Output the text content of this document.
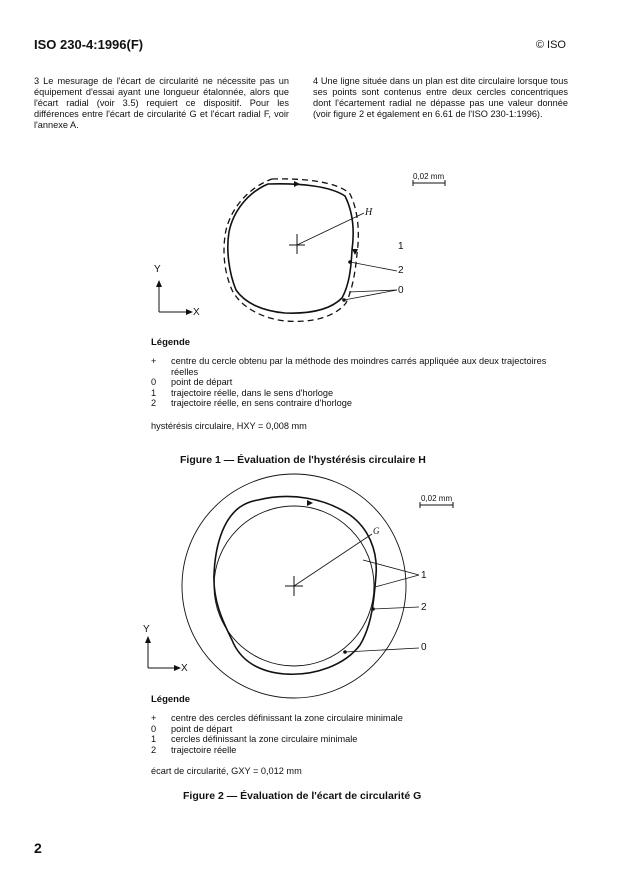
ISO 230-4:1996(F)	© ISO
3 Le mesurage de l'écart de circularité ne nécessite pas un équipement d'essai ayant une longueur étalonnée, alors que l'écart radial (voir 3.5) requiert ce dispositif. Pour les différences entre l'écart de circularité G et l'écart radial F, voir l'annexe A.
4 Une ligne située dans un plan est dite circulaire lorsque tous ses points sont contenus entre deux cercles concentriques dont l'écartement radial ne dépasse pas une valeur donnée (voir figure 2 et également en 6.61 de l'ISO 230-1:1996).
0,02 mm
H
1
2
0
Y
X
Légende
+ centre du cercle obtenu par la méthode des moindres carrés appliquée aux deux trajectoires
réelles
0 point de départ
1 trajectoire réelle, dans le sens d'horloge
2 trajectoire réelle, en sens contraire d'horloge
hystérésis circulaire, HXY = 0,008 mm
Figure 1 — Évaluation de l'hystérésis circulaire H
0,02 mm
G
1
2
0
Y
X
Légende
+ centre des cercles définissant la zone circulaire minimale
0 point de départ
1 cercles définissant la zone circulaire minimale
2 trajectoire réelle
écart de circularité, GXY = 0,012 mm
Figure 2 — Évaluation de l'écart de circularité G
2
